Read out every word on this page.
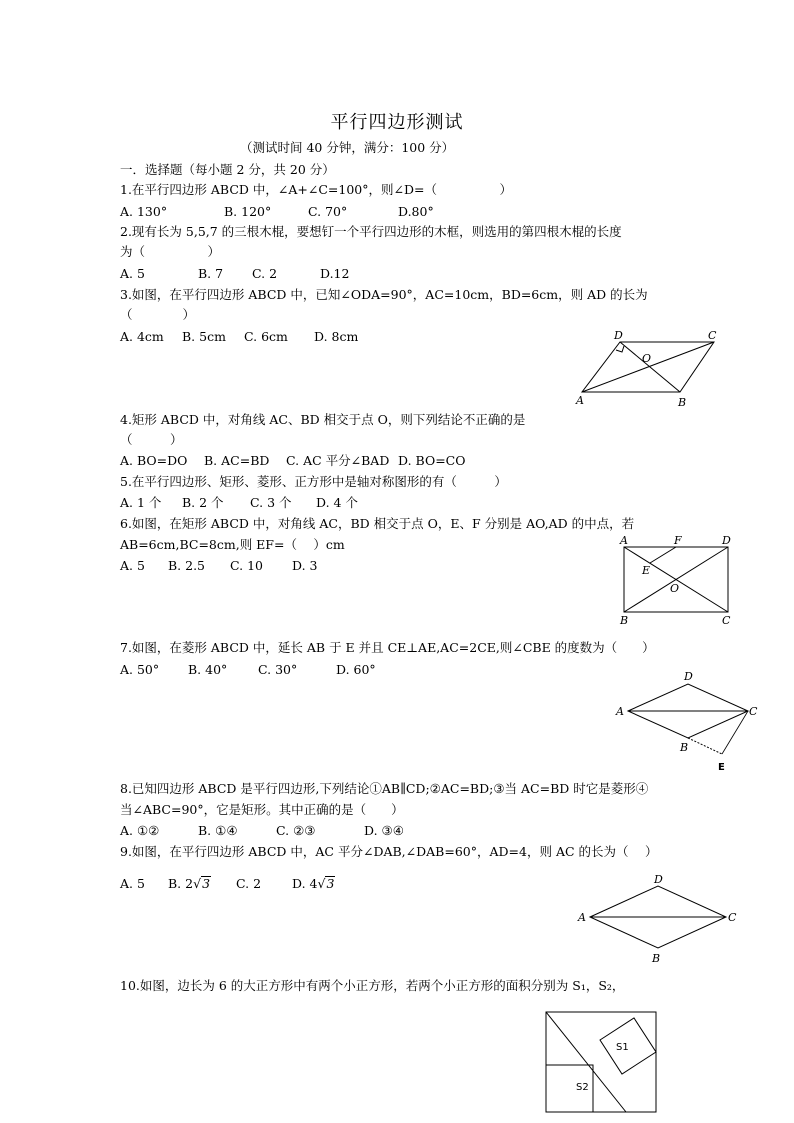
平行四边形测试
（测试时间 40 分钟，满分：100 分）
一．选择题（每小题 2 分，共 20 分）
1.在平行四边形 ABCD 中，∠A+∠C=100°，则∠D=（　　　　　）
A. 130°	B. 120°	C. 70°	D.80°
2.现有长为 5,5,7 的三根木棍，要想钉一个平行四边形的木框，则选用的第四根木棍的长度
为（　　　　　）
A. 5	B. 7 C. 2	D.12
3.如图，在平行四边形 ABCD 中，已知∠ODA=90°，AC=10cm，BD=6cm，则 AD 的长为
（　　　　）
A. 4cm B. 5cm C. 6cm D. 8cm	D	C
O
A	B
4.矩形 ABCD 中，对角线 AC、BD 相交于点 O，则下列结论不正确的是
（　　　）
A. BO=DO B. AC=BD C. AC 平分∠BAD D. BO=CO
5.在平行四边形、矩形、菱形、正方形中是轴对称图形的有（　　　）
A. 1 个 B. 2 个 C. 3 个 D. 4 个
6.如图，在矩形 ABCD 中，对角线 AC，BD 相交于点 O，E、F 分别是 AO,AD 的中点，若
AB=6cm,BC=8cm,则 EF=（　 ）cm
A. 5 B. 2.5 C. 10 D. 3
A	F	D
E
O
B	C
7.如图，在菱形 ABCD 中，延长 AB 于 E 并且 CE⊥AE,AC=2CE,则∠CBE 的度数为（　　）
A. 50° B. 40° C. 30°	D. 60°	D
A	C
B
E
8.已知四边形 ABCD 是平行四边形,下列结论①AB∥CD;②AC=BD;③当 AC=BD 时它是菱形④
当∠ABC=90°，它是矩形。其中正确的是（　　）
A. ①②	B. ①④	C. ②③	D. ③④
9.如图，在平行四边形 ABCD 中，AC 平分∠DAB,∠DAB=60°，AD=4，则 AC 的长为（　 ）
A. 5 B. 2√3 C. 2 D. 4√3	D
A	C
B
10.如图，边长为 6 的大正方形中有两个小正方形，若两个小正方形的面积分别为 S₁，S₂，
S1
S2
